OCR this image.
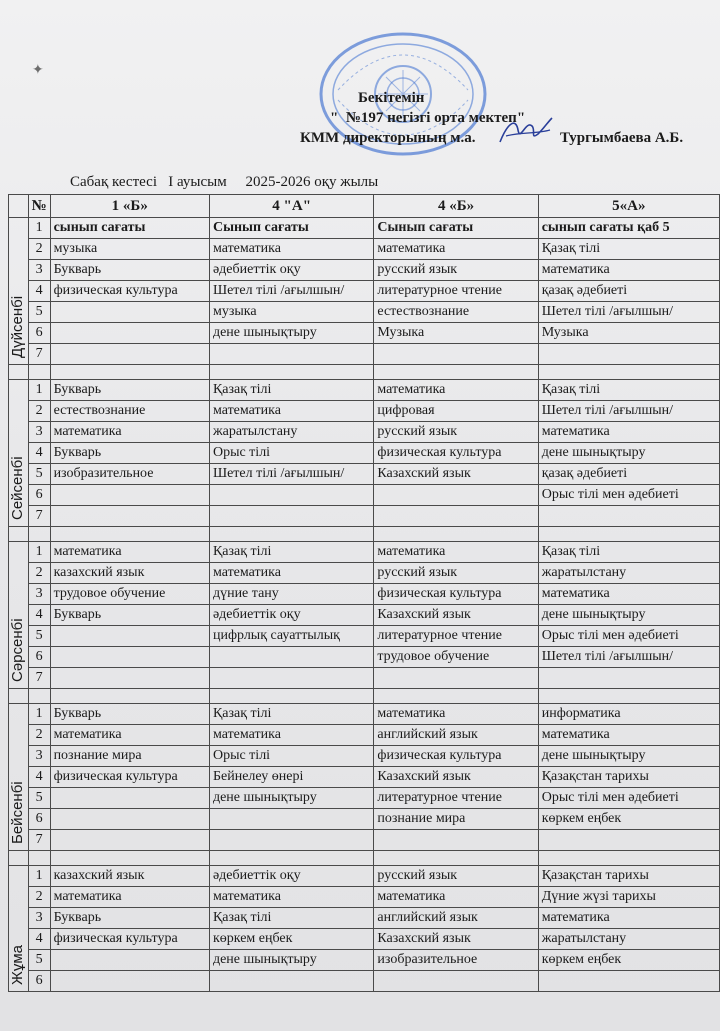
✦
Бекітемін
"  №197 негізгі орта мектеп"
КММ директорының м.а.	Тургымбаева А.Б.
Сабақ кестесі   I ауысым     2025-2026 оқу жылы
	№	1 «Б»	4 "А"	4 «Б»	5«А»

Дүйсенбі	1	сынып сағаты	Сынып сағаты	Сынып сағаты	сынып сағаты қаб 5
	2	музыка	математика	математика	Қазақ тілі
	3	Букварь	әдебиеттік оқу	русский язык	математика
	4	физическая культура	Шетел тілі /ағылшын/	литературное чтение	қазақ әдебиеті
	5		музыка	естествознание	Шетел тілі /ағылшын/
	6		дене шынықтыру	Музыка	Музыка
	7				

Сейсенбі	1	Букварь	Қазақ тілі	математика	Қазақ тілі
	2	естествознание	математика	цифровая	Шетел тілі /ағылшын/
	3	математика	жаратылстану	русский язык	математика
	4	Букварь	Орыс тілі	физическая культура	дене шынықтыру
	5	изобразительное	Шетел тілі /ағылшын/	Казахский язык	қазақ әдебиеті
	6				Орыс тілі мен әдебиеті
	7				

Сәрсенбі	1	математика	Қазақ тілі	математика	Қазақ тілі
	2	казахский язык	математика	русский язык	жаратылстану
	3	трудовое обучение	дүние тану	физическая культура	математика
	4	Букварь	әдебиеттік оқу	Казахский язык	дене шынықтыру
	5		цифрлық сауаттылық	литературное чтение	Орыс тілі мен әдебиеті
	6			трудовое обучение	Шетел тілі /ағылшын/
	7				

Бейсенбі	1	Букварь	Қазақ тілі	математика	информатика
	2	математика	математика	английский язык	математика
	3	познание мира	Орыс тілі	физическая культура	дене шынықтыру
	4	физическая культура	Бейнелеу өнері	Казахский язык	Қазақстан тарихы
	5		дене шынықтыру	литературное чтение	Орыс тілі мен әдебиеті
	6			познание мира	көркем еңбек
	7				

Жұма	1	казахский язык	әдебиеттік оқу	русский язык	Қазақстан тарихы
	2	математика	математика	математика	Дүние жүзі тарихы
	3	Букварь	Қазақ тілі	английский язык	математика
	4	физическая культура	көркем еңбек	Казахский язык	жаратылстану
	5		дене шынықтыру	изобразительное	көркем еңбек
	6				
